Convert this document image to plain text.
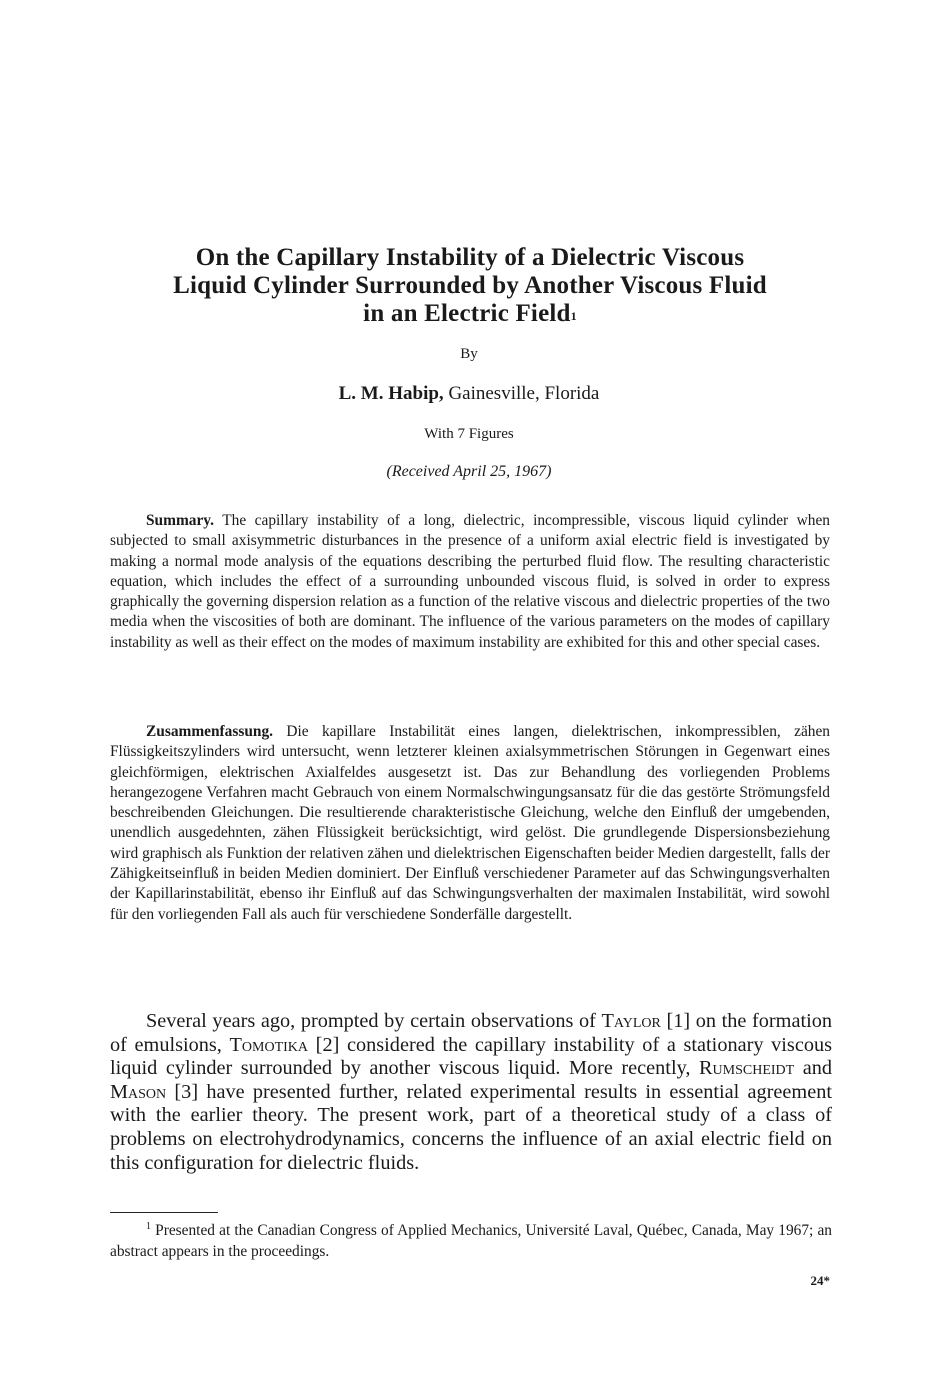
On the Capillary Instability of a Dielectric Viscous
Liquid Cylinder Surrounded by Another Viscous Fluid
in an Electric Field$^1$
By
L. M. Habip, Gainesville, Florida
With 7 Figures
(Received April 25, 1967)

Summary. The capillary instability of a long, dielectric, incompressible, viscous liquid cylinder when subjected to small axisymmetric disturbances in the presence of a uniform axial electric field is investigated by making a normal mode analysis of the equations describing the perturbed fluid flow. The resulting characteristic equation, which includes the effect of a surrounding unbounded viscous fluid, is solved in order to express graphically the governing dispersion relation as a function of the relative viscous and dielectric properties of the two media when the viscosities of both are dominant. The influence of the various parameters on the modes of capillary instability as well as their effect on the modes of maximum instability are exhibited for this and other special cases.

Zusammenfassung. Die kapillare Instabilität eines langen, dielektrischen, inkompressiblen, zähen Flüssigkeitszylinders wird untersucht, wenn letzterer kleinen axialsymmetrischen Störungen in Gegenwart eines gleichförmigen, elektrischen Axialfeldes ausgesetzt ist. Das zur Behandlung des vorliegenden Problems herangezogene Verfahren macht Gebrauch von einem Normalschwingungsansatz für die das gestörte Strömungsfeld beschreibenden Gleichungen. Die resultierende charakteristische Gleichung, welche den Einfluß der umgebenden, unendlich ausgedehnten, zähen Flüssigkeit berücksichtigt, wird gelöst. Die grundlegende Dispersionsbeziehung wird graphisch als Funktion der relativen zähen und dielektrischen Eigenschaften beider Medien dargestellt, falls der Zähigkeitseinfluß in beiden Medien dominiert. Der Einfluß verschiedener Parameter auf das Schwingungsverhalten der Kapillarinstabilität, ebenso ihr Einfluß auf das Schwingungsverhalten der maximalen Instabilität, wird sowohl für den vorliegenden Fall als auch für verschiedene Sonderfälle dargestellt.

Several years ago, prompted by certain observations of Taylor [1] on the formation of emulsions, Tomotika [2] considered the capillary instability of a stationary viscous liquid cylinder surrounded by another viscous liquid. More recently, Rumscheidt and Mason [3] have presented further, related experimental results in essential agreement with the earlier theory. The present work, part of a theoretical study of a class of problems on electrohydrodynamics, concerns the influence of an axial electric field on this configuration for dielectric fluids.

$^1$ Presented at the Canadian Congress of Applied Mechanics, Université Laval, Québec, Canada, May 1967; an abstract appears in the proceedings.

24*
